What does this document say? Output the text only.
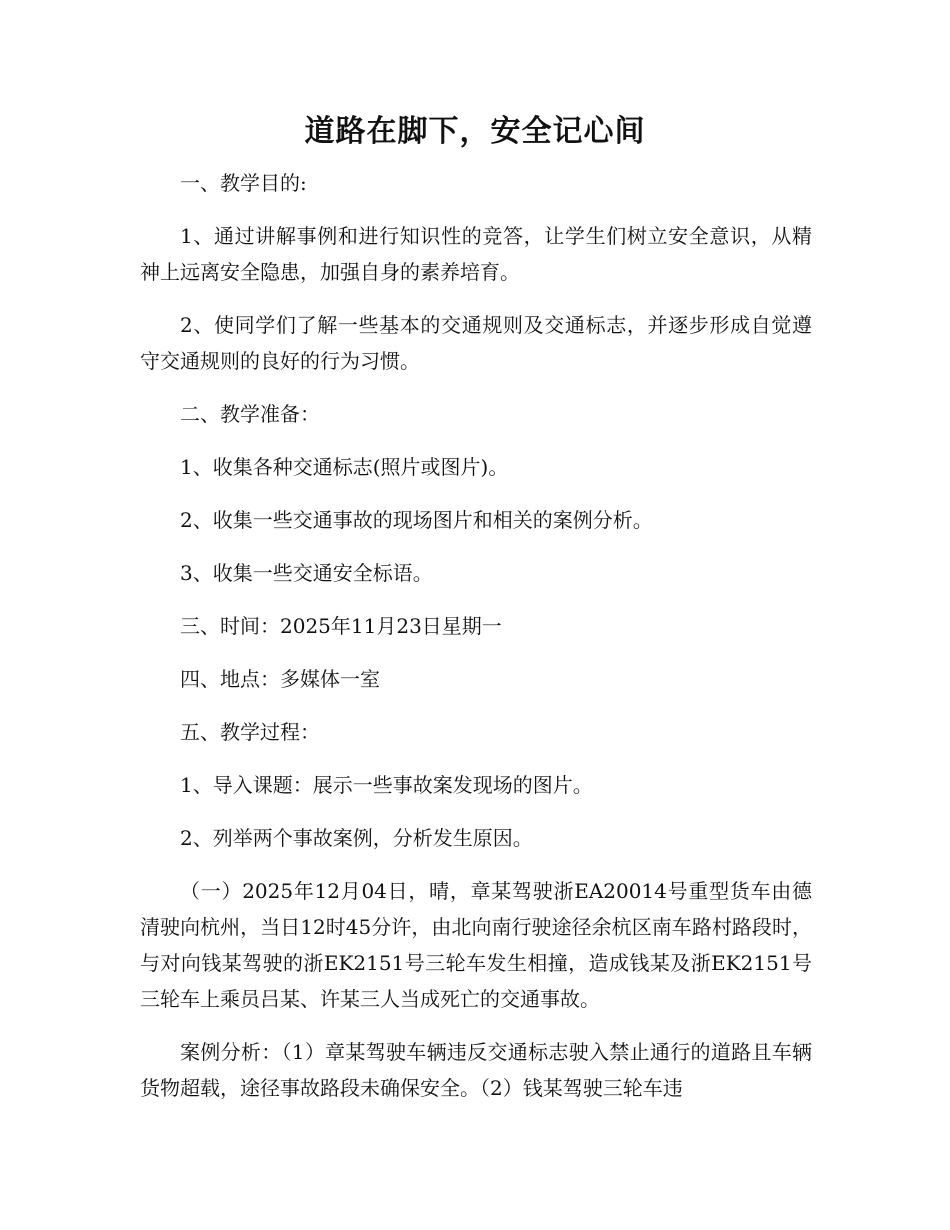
道路在脚下，安全记心间

一、教学目的:

1、通过讲解事例和进行知识性的竞答，让学生们树立安全意识，从精神上远离安全隐患，加强自身的素养培育。

2、使同学们了解一些基本的交通规则及交通标志，并逐步形成自觉遵守交通规则的良好的行为习惯。

二、教学准备：

1、收集各种交通标志(照片或图片)。

2、收集一些交通事故的现场图片和相关的案例分析。

3、收集一些交通安全标语。

三、时间：2025年11月23日星期一

四、地点：多媒体一室

五、教学过程：

1、导入课题：展示一些事故案发现场的图片。

2、列举两个事故案例，分析发生原因。

（一）2025年12月04日，晴，章某驾驶浙EA20014号重型货车由德清驶向杭州，当日12时45分许，由北向南行驶途径余杭区南车路村路段时，与对向钱某驾驶的浙EK2151号三轮车发生相撞，造成钱某及浙EK2151号三轮车上乘员吕某、许某三人当成死亡的交通事故。

案例分析：（1）章某驾驶车辆违反交通标志驶入禁止通行的道路且车辆货物超载，途径事故路段未确保安全。（2）钱某驾驶三轮车违
